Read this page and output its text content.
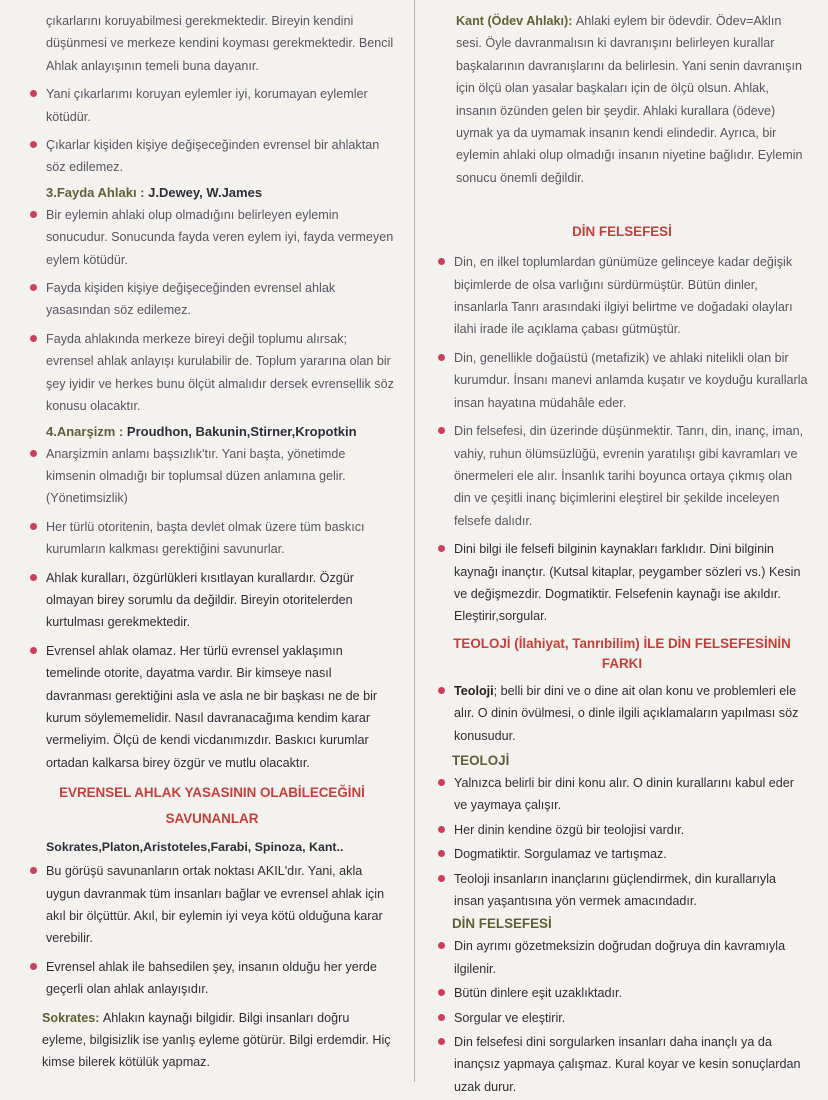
çıkarlarını koruyabilmesi gerekmektedir. Bireyin kendini düşünmesi ve merkeze kendini koyması gerekmektedir. Bencil Ahlak anlayışının temeli buna dayanır.

Yani çıkarlarımı koruyan eylemler iyi, korumayan eylemler kötüdür.

Çıkarlar kişiden kişiye değişeceğinden evrensel bir ahlaktan söz edilemez.

3.Fayda Ahlakı : J.Dewey, W.James

Bir eylemin ahlaki olup olmadığını belirleyen eylemin sonucudur. Sonucunda fayda veren eylem iyi, fayda vermeyen eylem kötüdür.

Fayda kişiden kişiye değişeceğinden evrensel ahlak yasasından söz edilemez.

Fayda ahlakında merkeze bireyi değil toplumu alırsak; evrensel ahlak anlayışı kurulabilir de. Toplum yararına olan bir şey iyidir ve herkes bunu ölçüt almalıdır dersek evrensellik söz konusu olacaktır.

4.Anarşizm : Proudhon, Bakunin,Stirner,Kropotkin

Anarşizmin anlamı başsızlık'tır. Yani başta, yönetimde kimsenin olmadığı bir toplumsal düzen anlamına gelir. (Yönetimsizlik)

Her türlü otoritenin, başta devlet olmak üzere tüm baskıcı kurumların kalkması gerektiğini savunurlar.

Ahlak kuralları, özgürlükleri kısıtlayan kurallardır. Özgür olmayan birey sorumlu da değildir. Bireyin otoritelerden kurtulması gerekmektedir.

Evrensel ahlak olamaz. Her türlü evrensel yaklaşımın temelinde otorite, dayatma vardır. Bir kimseye nasıl davranması gerektiğini asla ve asla ne bir başkası ne de bir kurum söylememelidir. Nasıl davranacağıma kendim karar vermeliyim. Ölçü de kendi vicdanımızdır. Baskıcı kurumlar ortadan kalkarsa birey özgür ve mutlu olacaktır.

EVRENSEL AHLAK YASASININ OLABİLECEĞİNİ
SAVUNANLAR
Sokrates,Platon,Aristoteles,Farabi, Spinoza, Kant..

Bu görüşü savunanların ortak noktası AKIL'dır. Yani, akla uygun davranmak tüm insanları bağlar ve evrensel ahlak için akıl bir ölçüttür. Akıl, bir eylemin iyi veya kötü olduğuna karar verebilir.

Evrensel ahlak ile bahsedilen şey, insanın olduğu her yerde geçerli olan ahlak anlayışıdır.

Sokrates: Ahlakın kaynağı bilgidir. Bilgi insanları doğru eyleme, bilgisizlik ise yanlış eyleme götürür. Bilgi erdemdir. Hiç kimse bilerek kötülük yapmaz.

Kant (Ödev Ahlakı): Ahlaki eylem bir ödevdir. Ödev=Aklın sesi. Öyle davranmalısın ki davranışını belirleyen kurallar başkalarının davranışlarını da belirlesin. Yani senin davranışın için ölçü olan yasalar başkaları için de ölçü olsun. Ahlak, insanın özünden gelen bir şeydir. Ahlaki kurallara (ödeve) uymak ya da uymamak insanın kendi elindedir. Ayrıca, bir eylemin ahlaki olup olmadığı insanın niyetine bağlıdır. Eylemin sonucu önemli değildir.

DİN FELSEFESİ

Din, en ilkel toplumlardan günümüze gelinceye kadar değişik biçimlerde de olsa varlığını sürdürmüştür. Bütün dinler, insanlarla Tanrı arasındaki ilgiyi belirtme ve doğadaki olayları ilahi irade ile açıklama çabası gütmüştür.

Din, genellikle doğaüstü (metafizik) ve ahlaki nitelikli olan bir kurumdur. İnsanı manevi anlamda kuşatır ve koyduğu kurallarla insan hayatına müdahâle eder.

Din felsefesi, din üzerinde düşünmektir. Tanrı, din, inanç, iman, vahiy, ruhun ölümsüzlüğü, evrenin yaratılışı gibi kavramları ve önermeleri ele alır. İnsanlık tarihi boyunca ortaya çıkmış olan din ve çeşitli inanç biçimlerini eleştirel bir şekilde inceleyen felsefe dalıdır.

Dini bilgi ile felsefi bilginin kaynakları farklıdır. Dini bilginin kaynağı inançtır. (Kutsal kitaplar, peygamber sözleri vs.) Kesin ve değişmezdir. Dogmatiktir. Felsefenin kaynağı ise akıldır. Eleştirir,sorgular.

TEOLOJİ (İlahiyat, Tanrıbilim) İLE DİN FELSEFESİNİN
FARKI

Teoloji; belli bir dini ve o dine ait olan konu ve problemleri ele alır. O dinin övülmesi, o dinle ilgili açıklamaların yapılması söz konusudur.

TEOLOJİ

Yalnızca belirli bir dini konu alır. O dinin kurallarını kabul eder ve yaymaya çalışır.

Her dinin kendine özgü bir teolojisi vardır.

Dogmatiktir. Sorgulamaz ve tartışmaz.

Teoloji insanların inançlarını güçlendirmek, din kurallarıyla insan yaşantısına yön vermek amacındadır.

DİN FELSEFESİ

Din ayrımı gözetmeksizin doğrudan doğruya din kavramıyla ilgilenir.

Bütün dinlere eşit uzaklıktadır.

Sorgular ve eleştirir.

Din felsefesi dini sorgularken insanları daha inançlı ya da inançsız yapmaya çalışmaz. Kural koyar ve kesin sonuçlardan uzak durur.
